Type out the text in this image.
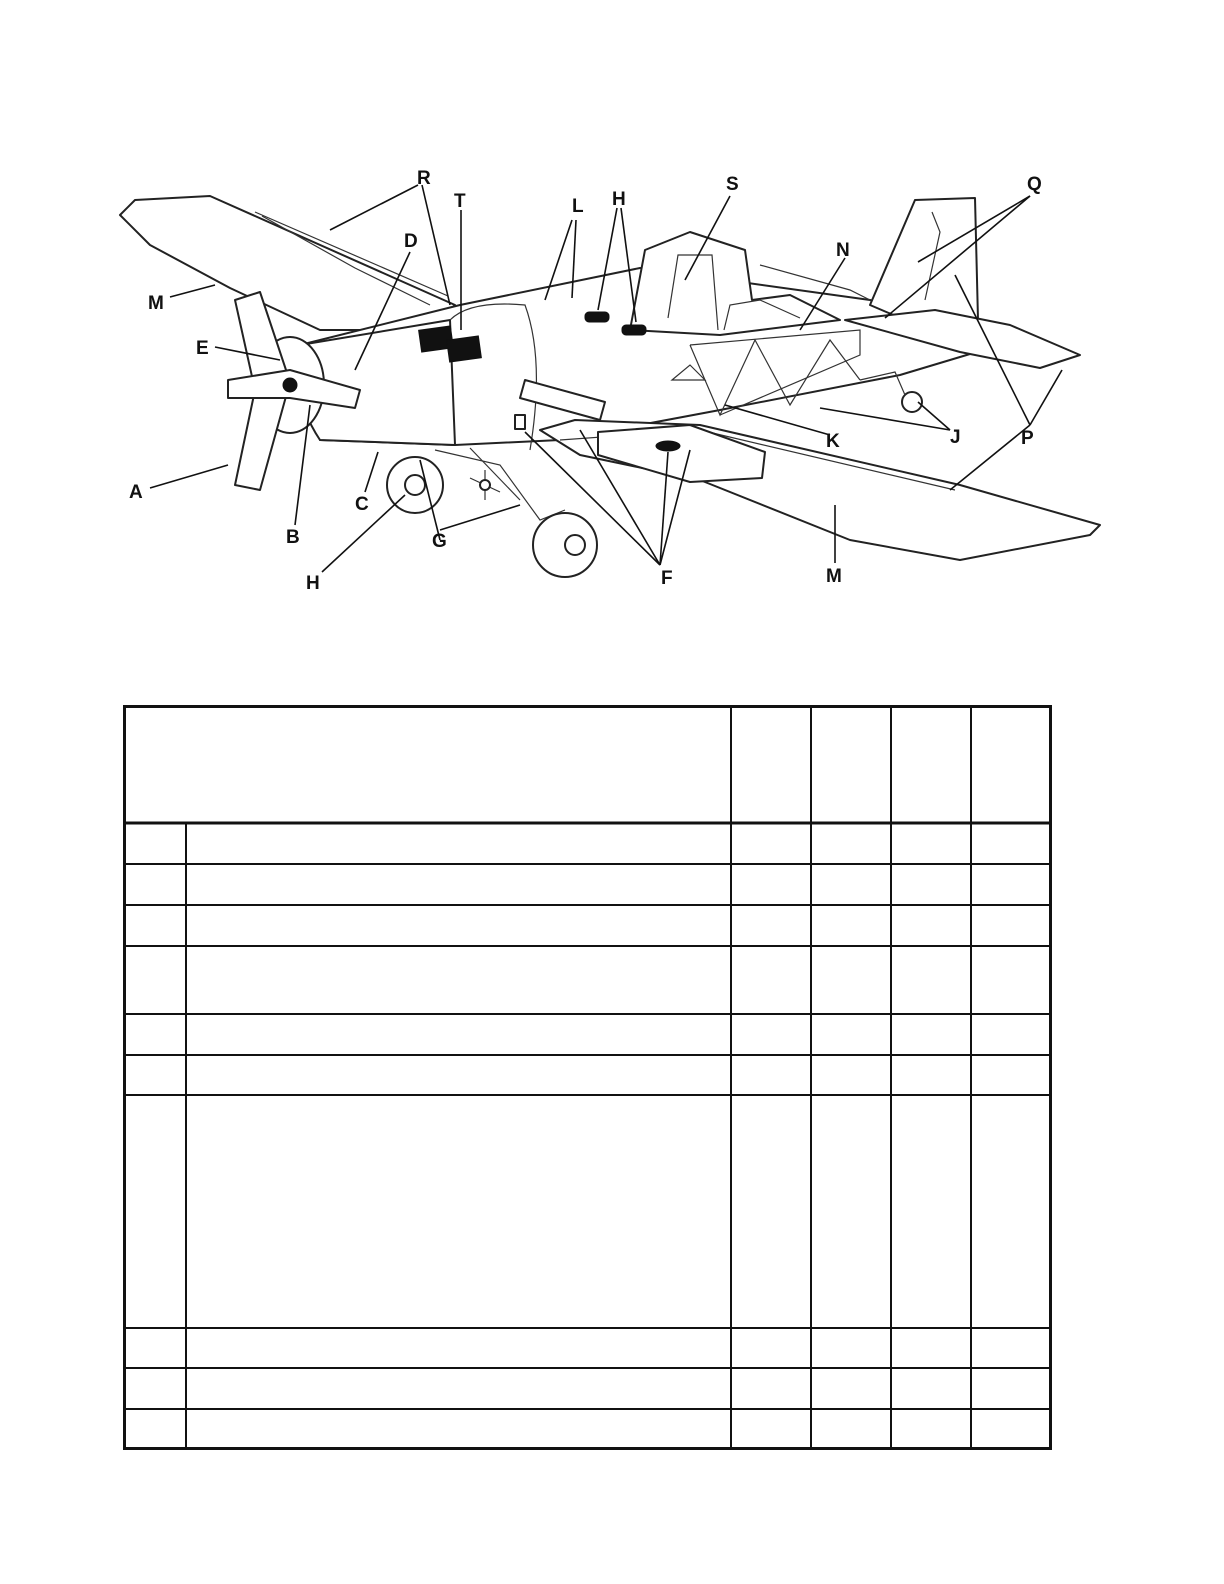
A
B
C
D
E
F
G
H
H
J
K
L
M
M
N
P
Q
R	S
T
